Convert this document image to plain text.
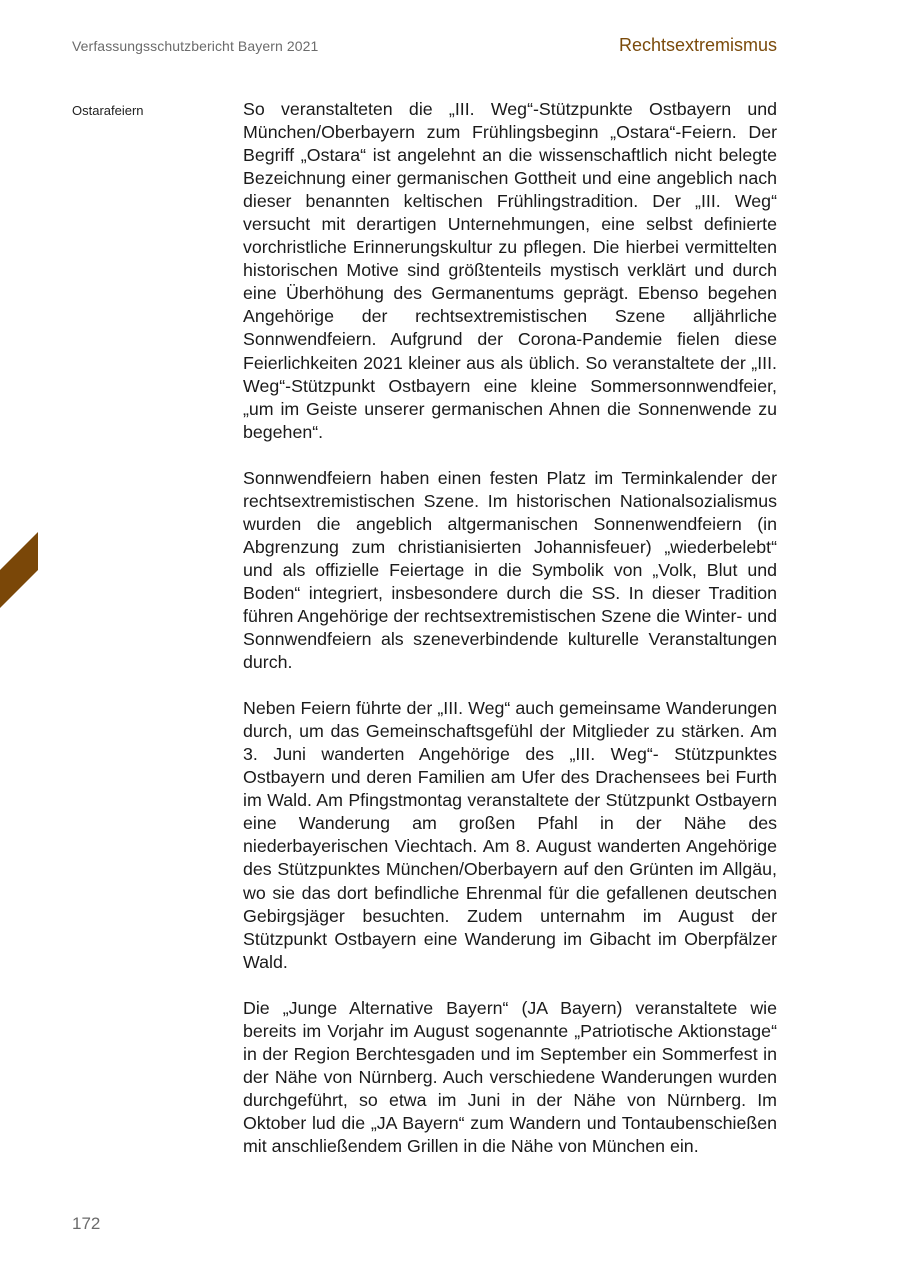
Verfassungsschutzbericht Bayern 2021	Rechtsextremismus
Ostarafeiern	So veranstalteten die „III. Weg“-Stützpunkte Ostbayern und München/Oberbayern zum Frühlingsbeginn „Ostara“-Feiern. Der Begriff „Ostara“ ist angelehnt an die wissenschaftlich nicht belegte Bezeichnung einer germanischen Gottheit und eine angeblich nach dieser benannten keltischen Frühlingstradition. Der „III. Weg“ versucht mit derartigen Unternehmungen, eine selbst definierte vorchristliche Erinnerungskultur zu pflegen. Die hierbei vermittelten historischen Motive sind größtenteils mystisch verklärt und durch eine Überhöhung des Germanentums geprägt. Ebenso begehen Angehörige der rechtsextremistischen Szene alljährliche Sonnwendfeiern. Aufgrund der Corona-Pandemie fielen diese Feierlichkeiten 2021 kleiner aus als üblich. So veranstaltete der „III. Weg“-Stützpunkt Ostbayern eine kleine Sommersonnwendfeier, „um im Geiste unserer germanischen Ahnen die Sonnenwende zu begehen“.

Sonnwendfeiern haben einen festen Platz im Terminkalender der rechtsextremistischen Szene. Im historischen Nationalsozialismus wurden die angeblich altgermanischen Sonnenwendfeiern (in Abgrenzung zum christianisierten Johannisfeuer) „wiederbelebt“ und als offizielle Feiertage in die Symbolik von „Volk, Blut und Boden“ integriert, insbesondere durch die SS. In dieser Tradition führen Angehörige der rechtsextremistischen Szene die Winter- und Sonnwendfeiern als szeneverbindende kulturelle Veranstaltungen durch.

Neben Feiern führte der „III. Weg“ auch gemeinsame Wanderungen durch, um das Gemeinschaftsgefühl der Mitglieder zu stärken. Am 3. Juni wanderten Angehörige des „III. Weg“- Stützpunktes Ostbayern und deren Familien am Ufer des Drachensees bei Furth im Wald. Am Pfingstmontag veranstaltete der Stützpunkt Ostbayern eine Wanderung am großen Pfahl in der Nähe des niederbayerischen Viechtach. Am 8. August wanderten Angehörige des Stützpunktes München/Oberbayern auf den Grünten im Allgäu, wo sie das dort befindliche Ehrenmal für die gefallenen deutschen Gebirgsjäger besuchten. Zudem unternahm im August der Stützpunkt Ostbayern eine Wanderung im Gibacht im Oberpfälzer Wald.

Die „Junge Alternative Bayern“ (JA Bayern) veranstaltete wie bereits im Vorjahr im August sogenannte „Patriotische Aktionstage“ in der Region Berchtesgaden und im September ein Sommerfest in der Nähe von Nürnberg. Auch verschiedene Wanderungen wurden durchgeführt, so etwa im Juni in der Nähe von Nürnberg. Im Oktober lud die „JA Bayern“ zum Wandern und Tontaubenschießen mit anschließendem Grillen in die Nähe von München ein.

172
